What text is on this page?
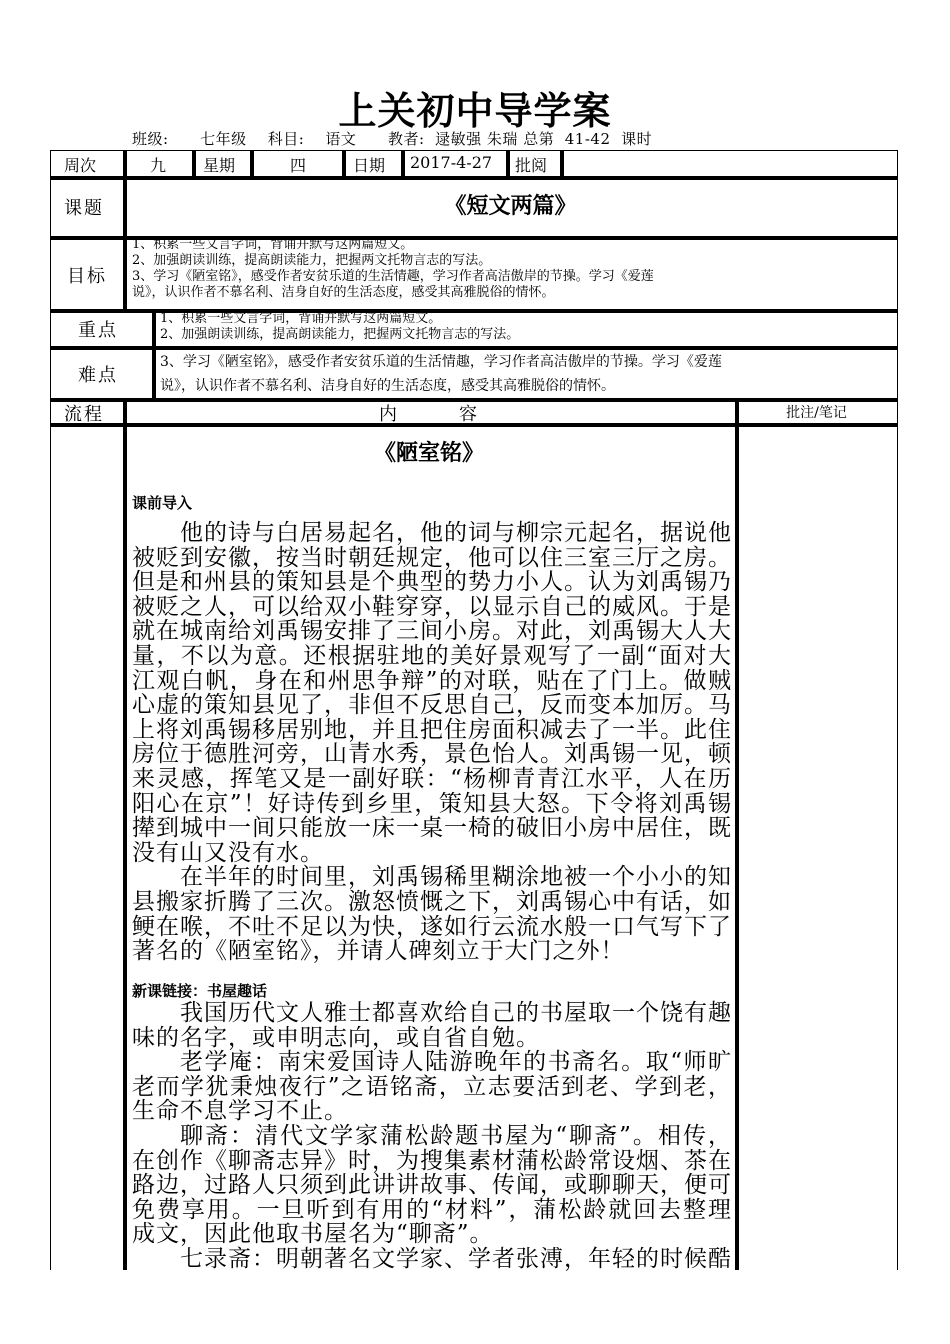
上关初中导学案
班级: 七年级 科目: 语文 教者: 逯敏强 朱瑞 总第 41-42 课时
周次	九 星期	四	日期 2017-4-27 批阅
课题	《短文两篇》
目标
1、积累一些文言字词，背诵并默写这两篇短文。
2、加强朗读训练，提高朗读能力，把握两文托物言志的写法。
3、学习《陋室铭》，感受作者安贫乐道的生活情趣，学习作者高洁傲岸的节操。学习《爱莲
说》，认识作者不慕名利、洁身自好的生活态度，感受其高雅脱俗的情怀。
重点
1、积累一些文言字词，背诵并默写这两篇短文。
2、加强朗读训练，提高朗读能力，把握两文托物言志的写法。
难点
3、学习《陋室铭》，感受作者安贫乐道的生活情趣，学习作者高洁傲岸的节操。学习《爱莲
说》，认识作者不慕名利、洁身自好的生活态度，感受其高雅脱俗的情怀。
流程	内　　　容	批注/笔记
《陋室铭》
课前导入

他的诗与白居易起名，他的词与柳宗元起名，据说他被贬到安徽，按当时朝廷规定，他可以住三室三厅之房。但是和州县的策知县是个典型的势力小人。认为刘禹锡乃被贬之人，可以给双小鞋穿穿，以显示自己的威风。于是就在城南给刘禹锡安排了三间小房。对此，刘禹锡大人大量，不以为意。还根据驻地的美好景观写了一副“面对大江观白帆，身在和州思争辩”的对联，贴在了门上。做贼心虚的策知县见了，非但不反思自己，反而变本加厉。马上将刘禹锡移居别地，并且把住房面积减去了一半。此住房位于德胜河旁，山青水秀，景色怡人。刘禹锡一见，顿来灵感，挥笔又是一副好联：“杨柳青青江水平，人在历阳心在京”！好诗传到乡里，策知县大怒。下令将刘禹锡撵到城中一间只能放一床一桌一椅的破旧小房中居住，既没有山又没有水。

在半年的时间里，刘禹锡稀里糊涂地被一个小小的知县搬家折腾了三次。激怒愤慨之下，刘禹锡心中有话，如鲠在喉，不吐不足以为快，遂如行云流水般一口气写下了著名的《陋室铭》，并请人碑刻立于大门之外！

新课链接：书屋趣话

我国历代文人雅士都喜欢给自己的书屋取一个饶有趣味的名字，或申明志向，或自省自勉。

老学庵：南宋爱国诗人陆游晚年的书斋名。取“师旷老而学犹秉烛夜行”之语铭斋，立志要活到老、学到老，生命不息学习不止。

聊斋：清代文学家蒲松龄题书屋为“聊斋”。相传，在创作《聊斋志异》时，为搜集素材蒲松龄常设烟、茶在路边，过路人只须到此讲讲故事、传闻，或聊聊天，便可免费享用。一旦听到有用的“材料”，蒲松龄就回去整理成文，因此他取书屋名为“聊斋”。

七录斋：明朝著名文学家、学者张溥，年轻的时候酷
